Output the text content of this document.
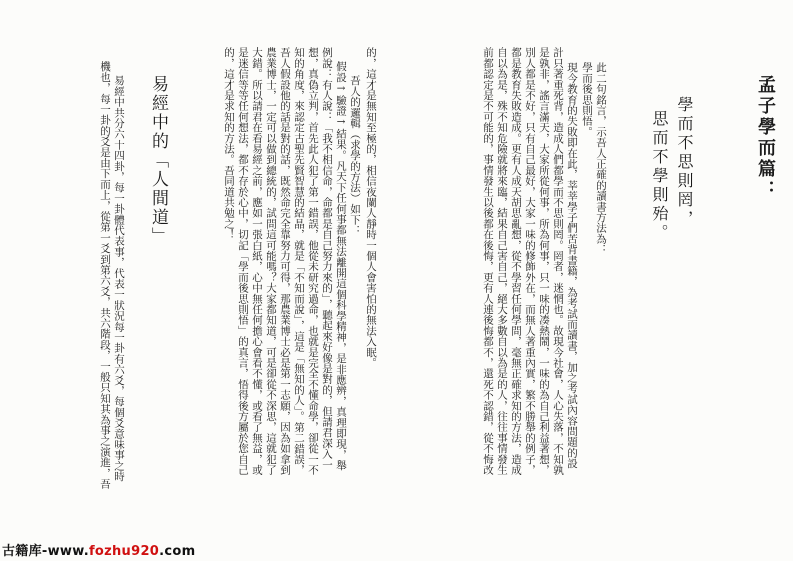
孟子學而篇：
學而不思則罔，
思而不學則殆。
此二句銘言，示吾人正確的讀書方法為：
學而後思則悟。
現今教育的失敗即在此，莘莘學子們苦背書籍，為考試而讀書，加之考試內容問題的設
計只著重死背，造成人們都學而不思則罔。罔者，迷惘也。故現今社會，人心失落，不知孰
是孰非，謠言滿天，大家所從何事，所為何事，只一味的凑熱鬧，一味的為自己利益著想，
別人都是不好，只有自己最好，大家一味的修飾外在，而無人著重內實，繁不勝舉的例子，
都是教育失敗造成。更有人成天胡思亂想，從不學習任何學問，毫無正確求知的方法，造成
自以為是，殊不知危險就將來臨，結果自己害自己，絕大多數自以為是的人，往往事情發生
前都認定是不可能的，事情發生以後都在後悔，更有人連後悔都不，還死不認錯，從不悔改
的，這才是無知至極的，相信夜闌人靜時一個人會害怕的無法入眠。
吾人的邏輯（求學的方法）如下：
假設→驗證→結果。凡天下任何事都無法離開這個科學精神，是非應辨，真理即現，舉
例說：有人說：「我不相信命，命都是自己努力來的」，聽起來好像是對的，但請君深入一
想，真偽立判，首先此人犯了第一錯誤，他從未研究過命，也就是完全不懂命學，卻從一不
知的角度，來認定古聖先賢智慧的結晶，就是「不知而說」，這是「無知的人」。第二錯誤，
吾人假設他的話是對的話，既然命完全靠努力可得，那農業博士必是第一志願，因為如拿到
農業博士，一定可以做到總統的，試問這可能嗎？大家都知道，可是卻從不深思，這就犯了
大錯。所以請君在看易經之前，應如一張白紙，心中無任何擔心會看不懂，或看了無益，或
是迷信等等任何想法，都不存於心中，切記「學而後思則悟」的真言，悟得後方屬於您自己
的，這才是求知的方法。吾同道共勉之！
易經中的「人間道」
易經中共分六十四卦，每一卦體代表事，代表一狀況每一卦有六爻，每個爻意味事之時
機也，每一卦的爻是由下而上，從第一爻到第六爻，共六階段，一般只知其為事之演進，吾
古籍库-www.fozhu920.com
